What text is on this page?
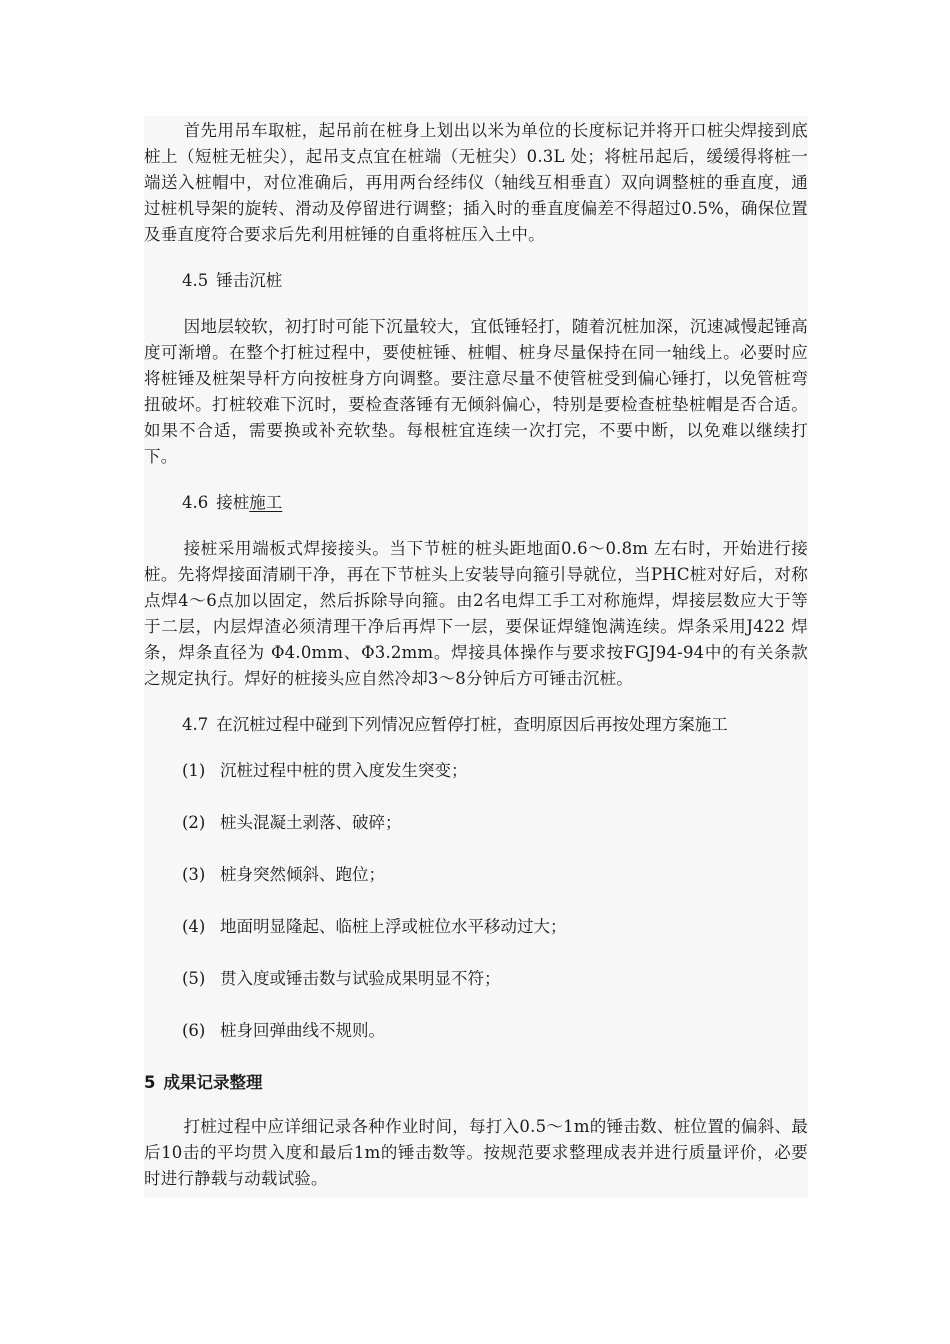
首先用吊车取桩，起吊前在桩身上划出以米为单位的长度标记并将开口桩尖焊接到底桩上（短桩无桩尖），起吊支点宜在桩端（无桩尖）0.3L 处；将桩吊起后，缓缓得将桩一端送入桩帽中，对位准确后，再用两台经纬仪（轴线互相垂直）双向调整桩的垂直度，通过桩机导架的旋转、滑动及停留进行调整；插入时的垂直度偏差不得超过0.5%，确保位置及垂直度符合要求后先利用桩锤的自重将桩压入土中。

4.5 锤击沉桩

因地层较软，初打时可能下沉量较大，宜低锤轻打，随着沉桩加深，沉速减慢起锤高度可渐增。在整个打桩过程中，要使桩锤、桩帽、桩身尽量保持在同一轴线上。必要时应将桩锤及桩架导杆方向按桩身方向调整。要注意尽量不使管桩受到偏心锤打，以免管桩弯扭破坏。打桩较难下沉时，要检查落锤有无倾斜偏心，特别是要检查桩垫桩帽是否合适。如果不合适，需要换或补充软垫。每根桩宜连续一次打完，不要中断，以免难以继续打下。

4.6 接桩施工

接桩采用端板式焊接接头。当下节桩的桩头距地面0.6～0.8m 左右时，开始进行接桩。先将焊接面清刷干净，再在下节桩头上安装导向箍引导就位，当PHC桩对好后，对称点焊4～6点加以固定，然后拆除导向箍。由2名电焊工手工对称施焊，焊接层数应大于等于二层，内层焊渣必须清理干净后再焊下一层，要保证焊缝饱满连续。焊条采用J422 焊条，焊条直径为 Φ4.0mm、Φ3.2mm。焊接具体操作与要求按FGJ94-94中的有关条款之规定执行。焊好的桩接头应自然冷却3～8分钟后方可锤击沉桩。

4.7 在沉桩过程中碰到下列情况应暂停打桩，查明原因后再按处理方案施工
(1) 沉桩过程中桩的贯入度发生突变；
(2) 桩头混凝土剥落、破碎；
(3) 桩身突然倾斜、跑位；
(4) 地面明显隆起、临桩上浮或桩位水平移动过大；
(5) 贯入度或锤击数与试验成果明显不符；
(6) 桩身回弹曲线不规则。
5 成果记录整理

打桩过程中应详细记录各种作业时间，每打入0.5～1m的锤击数、桩位置的偏斜、最后10击的平均贯入度和最后1m的锤击数等。按规范要求整理成表并进行质量评价，必要时进行静载与动载试验。
